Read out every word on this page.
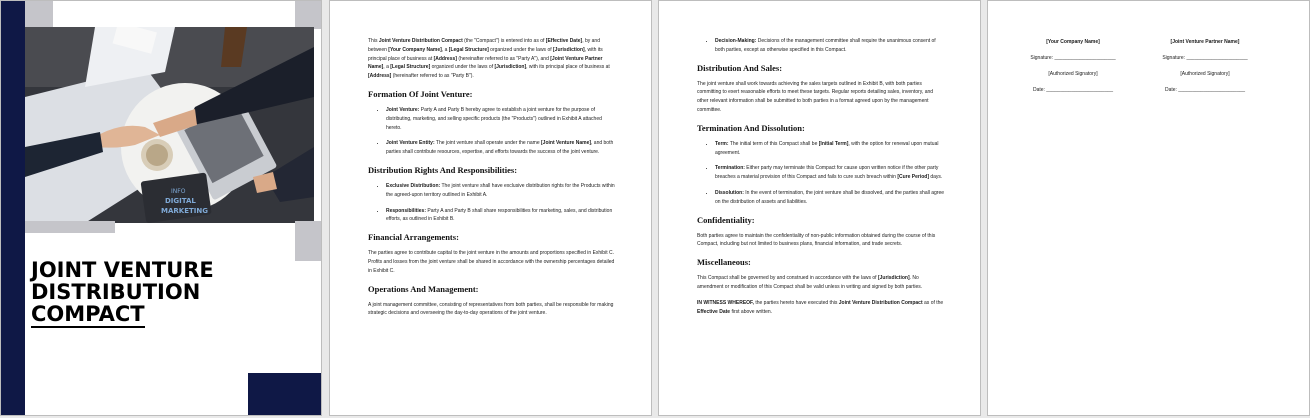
INFO
DIGITAL
MARKETING
JOINT VENTURE
DISTRIBUTION
COMPACT

This Joint Venture Distribution Compact (the "Compact") is entered into as of [Effective Date], by and between [Your Company Name], a [Legal Structure] organized under the laws of [Jurisdiction], with its principal place of business at [Address] (hereinafter referred to as "Party A"), and [Joint Venture Partner Name], a [Legal Structure] organized under the laws of [Jurisdiction], with its principal place of business at [Address] (hereinafter referred to as "Party B").

Formation Of Joint Venture:
• Joint Venture: Party A and Party B hereby agree to establish a joint venture for the purpose of distributing, marketing, and selling specific products (the "Products") outlined in Exhibit A attached hereto.
• Joint Venture Entity: The joint venture shall operate under the name [Joint Venture Name], and both parties shall contribute resources, expertise, and efforts towards the success of the joint venture.
Distribution Rights And Responsibilities:
• Exclusive Distribution: The joint venture shall have exclusive distribution rights for the Products within the agreed-upon territory outlined in Exhibit A.
• Responsibilities: Party A and Party B shall share responsibilities for marketing, sales, and distribution efforts, as outlined in Exhibit B.
Financial Arrangements:

The parties agree to contribute capital to the joint venture in the amounts and proportions specified in Exhibit C. Profits and losses from the joint venture shall be shared in accordance with the ownership percentages detailed in Exhibit C.

Operations And Management:

A joint management committee, consisting of representatives from both parties, shall be responsible for making strategic decisions and overseeing the day-to-day operations of the joint venture.

• Decision-Making: Decisions of the management committee shall require the unanimous consent of both parties, except as otherwise specified in this Compact.
Distribution And Sales:

The joint venture shall work towards achieving the sales targets outlined in Exhibit B, with both parties committing to exert reasonable efforts to meet these targets. Regular reports detailing sales, inventory, and other relevant information shall be submitted to both parties in a format agreed upon by the management committee.

Termination And Dissolution:
• Term: The initial term of this Compact shall be [Initial Term], with the option for renewal upon mutual agreement.
• Termination: Either party may terminate this Compact for cause upon written notice if the other party breaches a material provision of this Compact and fails to cure such breach within [Cure Period] days.
• Dissolution: In the event of termination, the joint venture shall be dissolved, and the parties shall agree on the distribution of assets and liabilities.
Confidentiality:

Both parties agree to maintain the confidentiality of non-public information obtained during the course of this Compact, including but not limited to business plans, financial information, and trade secrets.

Miscellaneous:

This Compact shall be governed by and construed in accordance with the laws of [Jurisdiction]. No amendment or modification of this Compact shall be valid unless in writing and signed by both parties.

IN WITNESS WHEREOF, the parties hereto have executed this Joint Venture Distribution Compact as of the Effective Date first above written.

[Your Company Name]
Signature: ______________________
[Authorized Signatory]
Date: ________________________
[Joint Venture Partner Name]
Signature: ______________________
[Authorized Signatory]
Date: ________________________
